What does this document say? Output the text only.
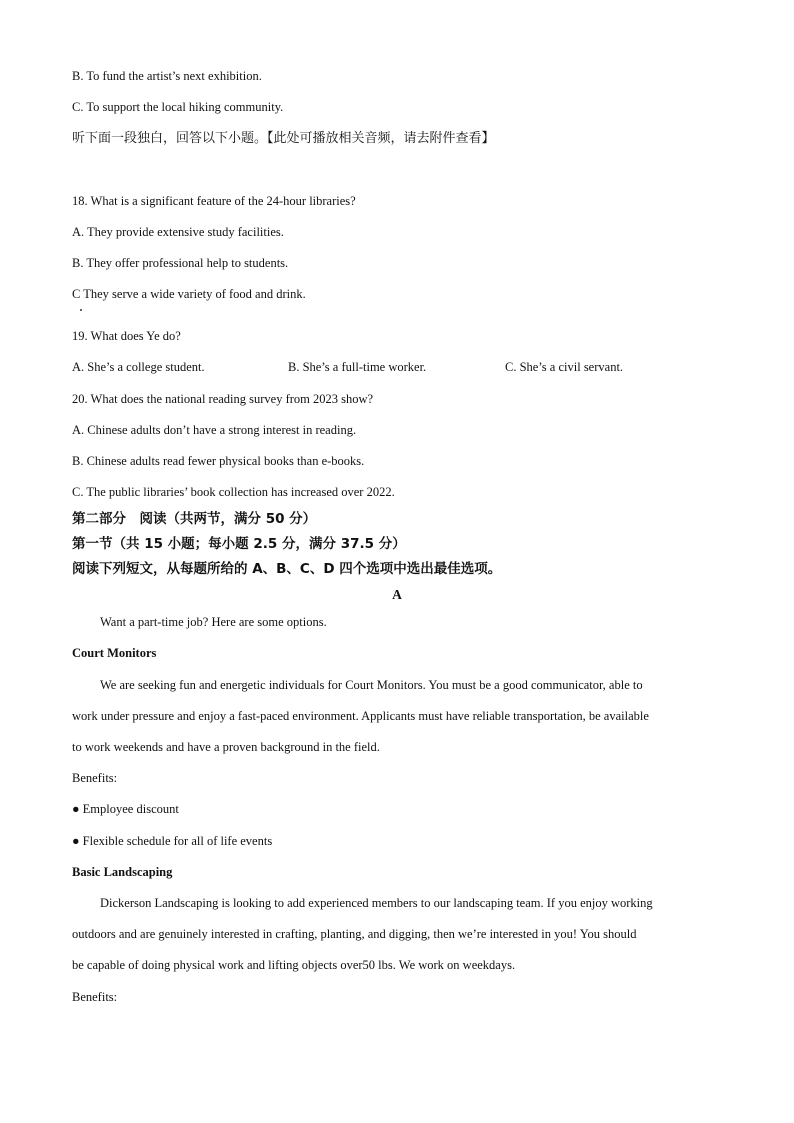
B. To fund the artist’s next exhibition.
C. To support the local hiking community.
听下面一段独白，回答以下小题。【此处可播放相关音频，请去附件查看】
18. What is a significant feature of the 24-hour libraries?
A. They provide extensive study facilities.
B. They offer professional help to students.
C They serve a wide variety of food and drink.
19. What does Ye do?
A. She’s a college student.	B. She’s a full-time worker.	C. She’s a civil servant.
20. What does the national reading survey from 2023 show?
A. Chinese adults don’t have a strong interest in reading.
B. Chinese adults read fewer physical books than e-books.
C. The public libraries’ book collection has increased over 2022.
第二部分　阅读（共两节，满分 50 分）
第一节（共 15 小题；每小题 2.5 分，满分 37.5 分）
阅读下列短文，从每题所给的 A、B、C、D 四个选项中选出最佳选项。
A
Want a part-time job? Here are some options.
Court Monitors
We are seeking fun and energetic individuals for Court Monitors. You must be a good communicator, able to
work under pressure and enjoy a fast-paced environment. Applicants must have reliable transportation, be available
to work weekends and have a proven background in the field.
Benefits:
● Employee discount
● Flexible schedule for all of life events
Basic Landscaping
Dickerson Landscaping is looking to add experienced members to our landscaping team. If you enjoy working
outdoors and are genuinely interested in crafting, planting, and digging, then we’re interested in you! You should
be capable of doing physical work and lifting objects over50 lbs. We work on weekdays.
Benefits:
